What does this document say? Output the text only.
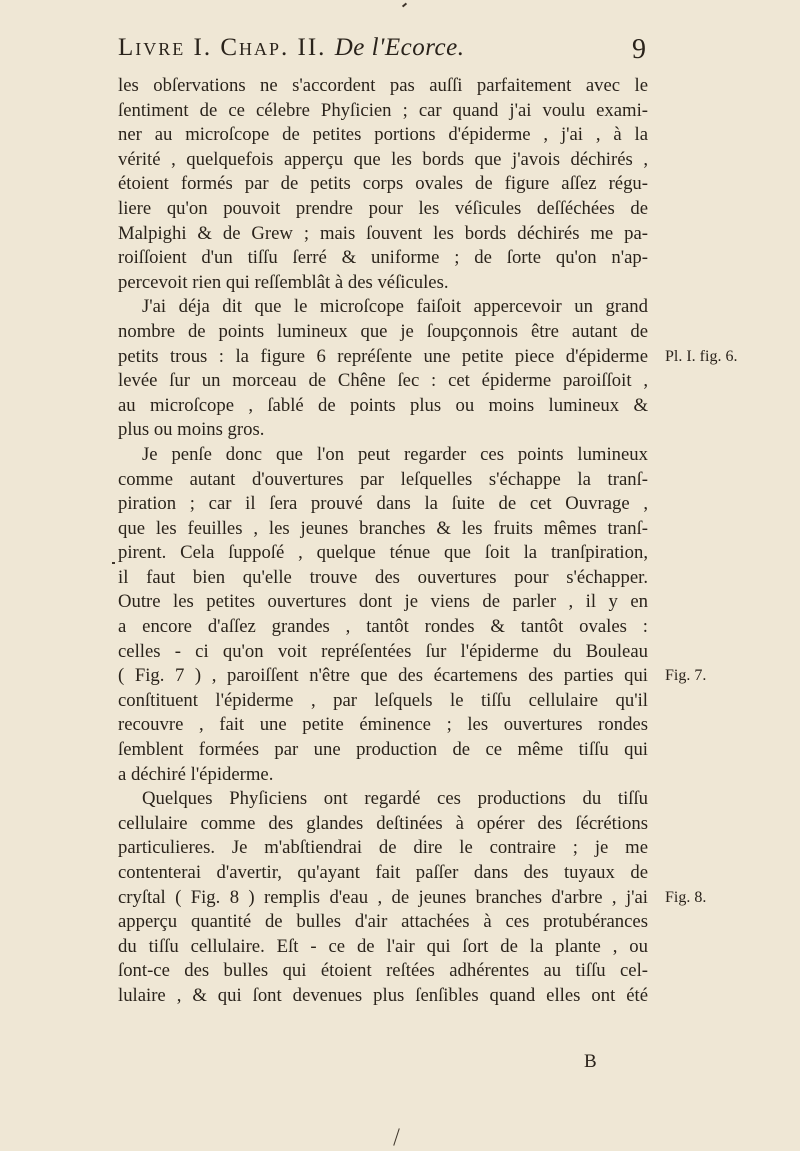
Livre I. Chap. II. De l'Ecorce.	9
les obſervations ne s'accordent pas auſſi parfaitement avec le
ſentiment de ce célebre Phyſicien ; car quand j'ai voulu exami-
ner au microſcope de petites portions d'épiderme , j'ai , à la
vérité , quelquefois apperçu que les bords que j'avois déchirés ,
étoient formés par de petits corps ovales de figure aſſez régu-
liere qu'on pouvoit prendre pour les véſicules deſſéchées de
Malpighi & de Grew ; mais ſouvent les bords déchirés me pa-
roiſſoient d'un tiſſu ſerré & uniforme ; de ſorte qu'on n'ap-
percevoit rien qui reſſemblât à des véſicules.
J'ai déja dit que le microſcope faiſoit appercevoir un grand
nombre de points lumineux que je ſoupçonnois être autant de
petits trous : la figure 6 repréſente une petite piece d'épiderme
levée ſur un morceau de Chêne ſec : cet épiderme paroiſſoit ,
au microſcope , ſablé de points plus ou moins lumineux &
plus ou moins gros.
Je penſe donc que l'on peut regarder ces points lumineux
comme autant d'ouvertures par leſquelles s'échappe la tranſ-
piration ; car il ſera prouvé dans la ſuite de cet Ouvrage ,
que les feuilles , les jeunes branches & les fruits mêmes tranſ-
pirent. Cela ſuppoſé , quelque ténue que ſoit la tranſpiration,
il faut bien qu'elle trouve des ouvertures pour s'échapper.
Outre les petites ouvertures dont je viens de parler , il y en
a encore d'aſſez grandes , tantôt rondes & tantôt ovales :
celles - ci qu'on voit repréſentées ſur l'épiderme du Bouleau
( Fig. 7 ) , paroiſſent n'être que des écartemens des parties qui
conſtituent l'épiderme , par leſquels le tiſſu cellulaire qu'il
recouvre , fait une petite éminence ; les ouvertures rondes
ſemblent formées par une production de ce même tiſſu qui
a déchiré l'épiderme.
Quelques Phyſiciens ont regardé ces productions du tiſſu
cellulaire comme des glandes deſtinées à opérer des ſécrétions
particulieres. Je m'abſtiendrai de dire le contraire ; je me
contenterai d'avertir, qu'ayant fait paſſer dans des tuyaux de
cryſtal ( Fig. 8 ) remplis d'eau , de jeunes branches d'arbre , j'ai
apperçu quantité de bulles d'air attachées à ces protubérances
du tiſſu cellulaire. Eſt - ce de l'air qui ſort de la plante , ou
ſont-ce des bulles qui étoient reſtées adhérentes au tiſſu cel-
lulaire , & qui ſont devenues plus ſenſibles quand elles ont été
Pl. I. fig. 6.
Fig. 7.
Fig. 8.
B
